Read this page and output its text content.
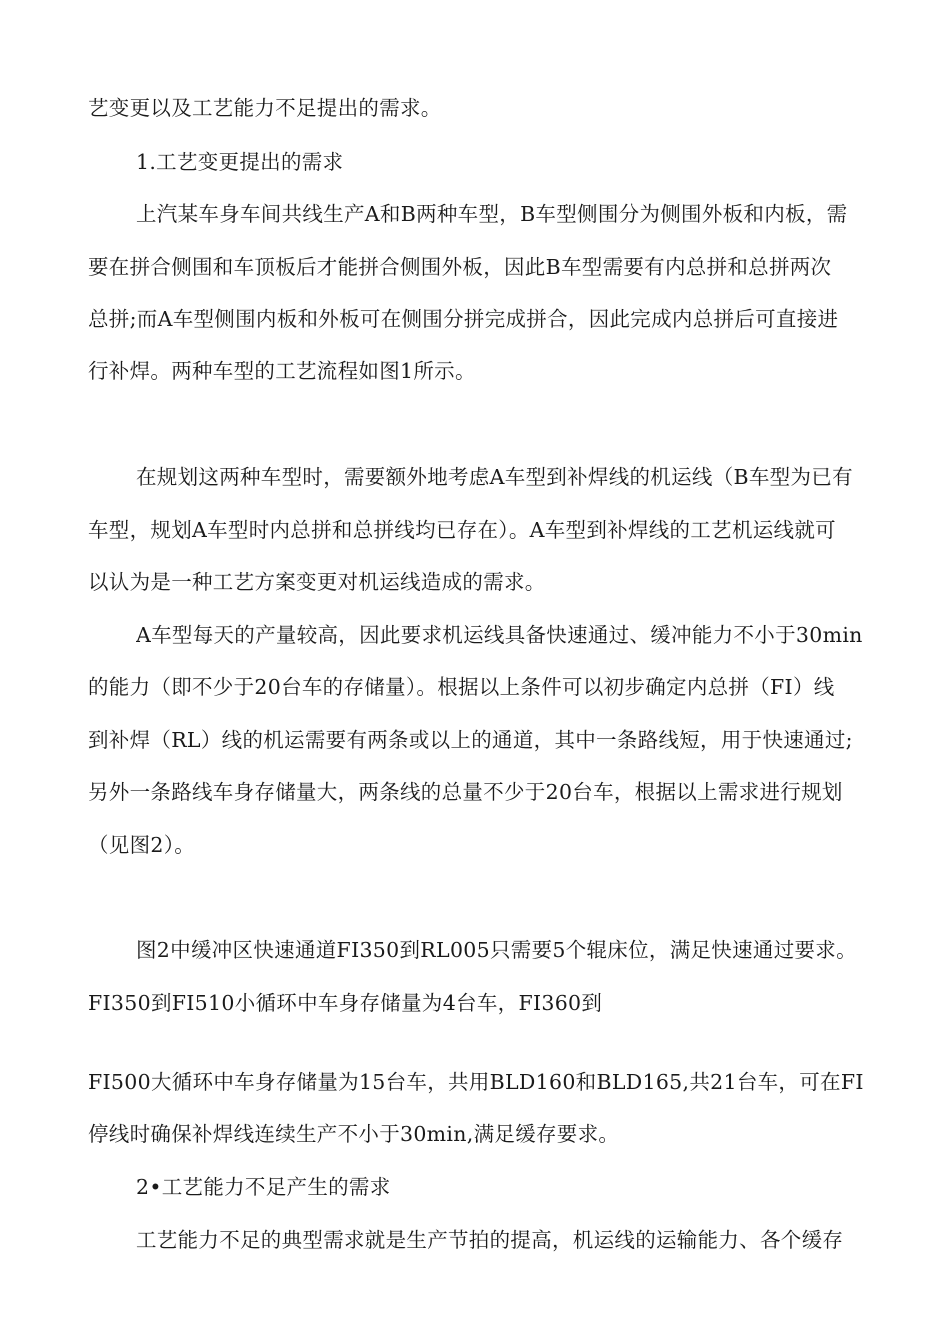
艺变更以及工艺能力不足提出的需求。
1.工艺变更提出的需求
上汽某车身车间共线生产A和B两种车型，B车型侧围分为侧围外板和内板，需
要在拼合侧围和车顶板后才能拼合侧围外板，因此B车型需要有内总拼和总拼两次
总拼;而A车型侧围内板和外板可在侧围分拼完成拼合，因此完成内总拼后可直接进
行补焊。两种车型的工艺流程如图1所示。
在规划这两种车型时，需要额外地考虑A车型到补焊线的机运线（B车型为已有
车型，规划A车型时内总拼和总拼线均已存在）。A车型到补焊线的工艺机运线就可
以认为是一种工艺方案变更对机运线造成的需求。
A车型每天的产量较高，因此要求机运线具备快速通过、缓冲能力不小于30min
的能力（即不少于20台车的存储量）。根据以上条件可以初步确定内总拼（FI）线
到补焊（RL）线的机运需要有两条或以上的通道，其中一条路线短，用于快速通过;
另外一条路线车身存储量大，两条线的总量不少于20台车，根据以上需求进行规划
（见图2）。
图2中缓冲区快速通道FI350到RL005只需要5个辊床位，满足快速通过要求。
FI350到FI510小循环中车身存储量为4台车，FI360到
FI500大循环中车身存储量为15台车，共用BLD160和BLD165,共21台车，可在FI
停线时确保补焊线连续生产不小于30min,满足缓存要求。
2•工艺能力不足产生的需求
工艺能力不足的典型需求就是生产节拍的提高，机运线的运输能力、各个缓存
